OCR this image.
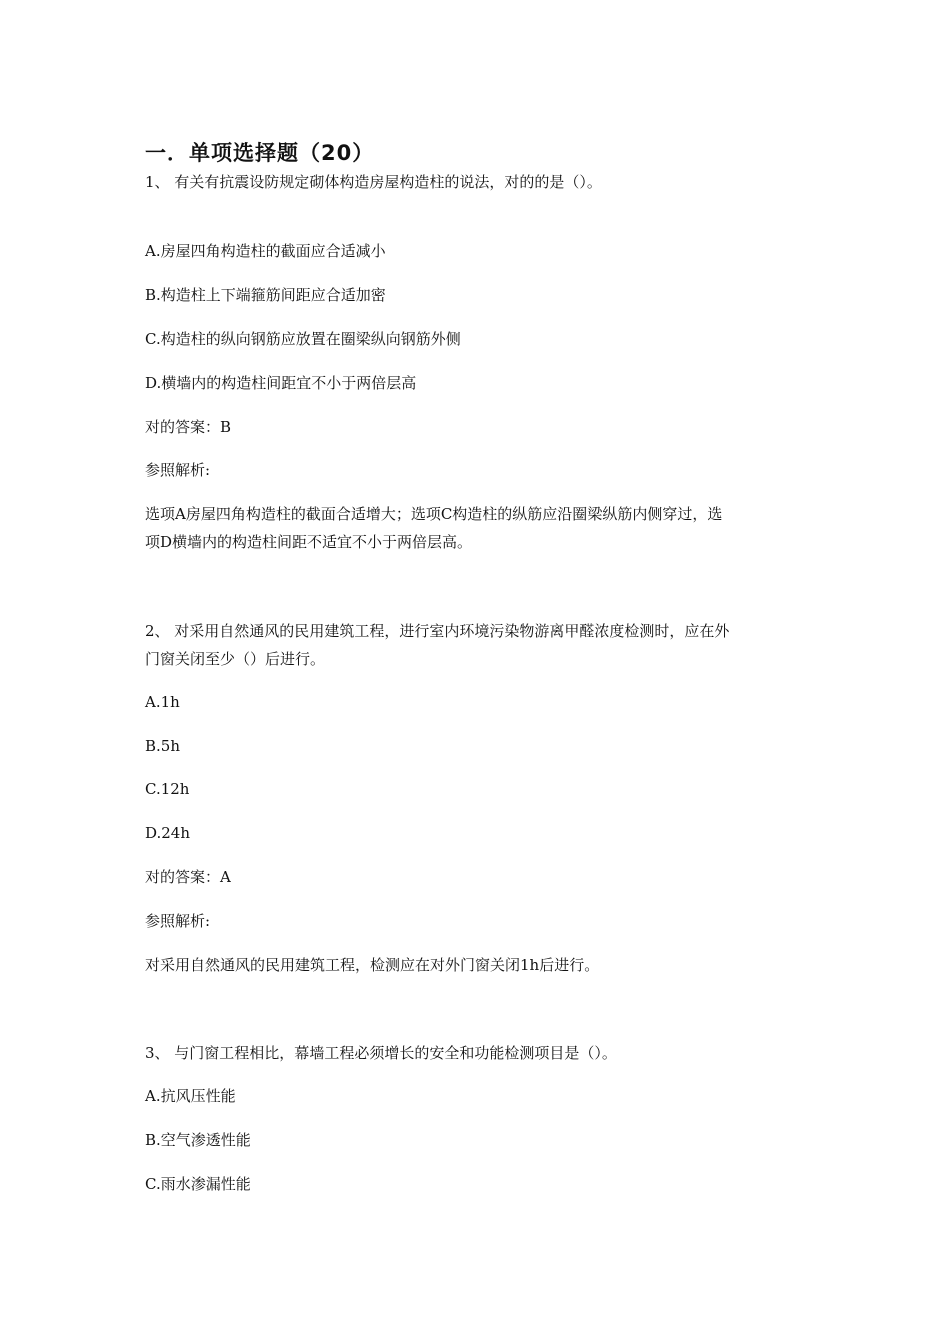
一．单项选择题（20）

1、 有关有抗震设防规定砌体构造房屋构造柱的说法，对的的是（）。

A.房屋四角构造柱的截面应合适减小

B.构造柱上下端箍筋间距应合适加密

C.构造柱的纵向钢筋应放置在圈梁纵向钢筋外侧

D.横墙内的构造柱间距宜不小于两倍层高

对的答案：B

参照解析:

选项A房屋四角构造柱的截面合适增大；选项C构造柱的纵筋应沿圈梁纵筋内侧穿过，选

项D横墙内的构造柱间距不适宜不小于两倍层高。

2、 对采用自然通风的民用建筑工程，进行室内环境污染物游离甲醛浓度检测时，应在外

门窗关闭至少（）后进行。

A.1h

B.5h

C.12h

D.24h

对的答案：A

参照解析:

对采用自然通风的民用建筑工程，检测应在对外门窗关闭1h后进行。

3、 与门窗工程相比，幕墙工程必须增长的安全和功能检测项目是（）。

A.抗风压性能

B.空气渗透性能

C.雨水渗漏性能
